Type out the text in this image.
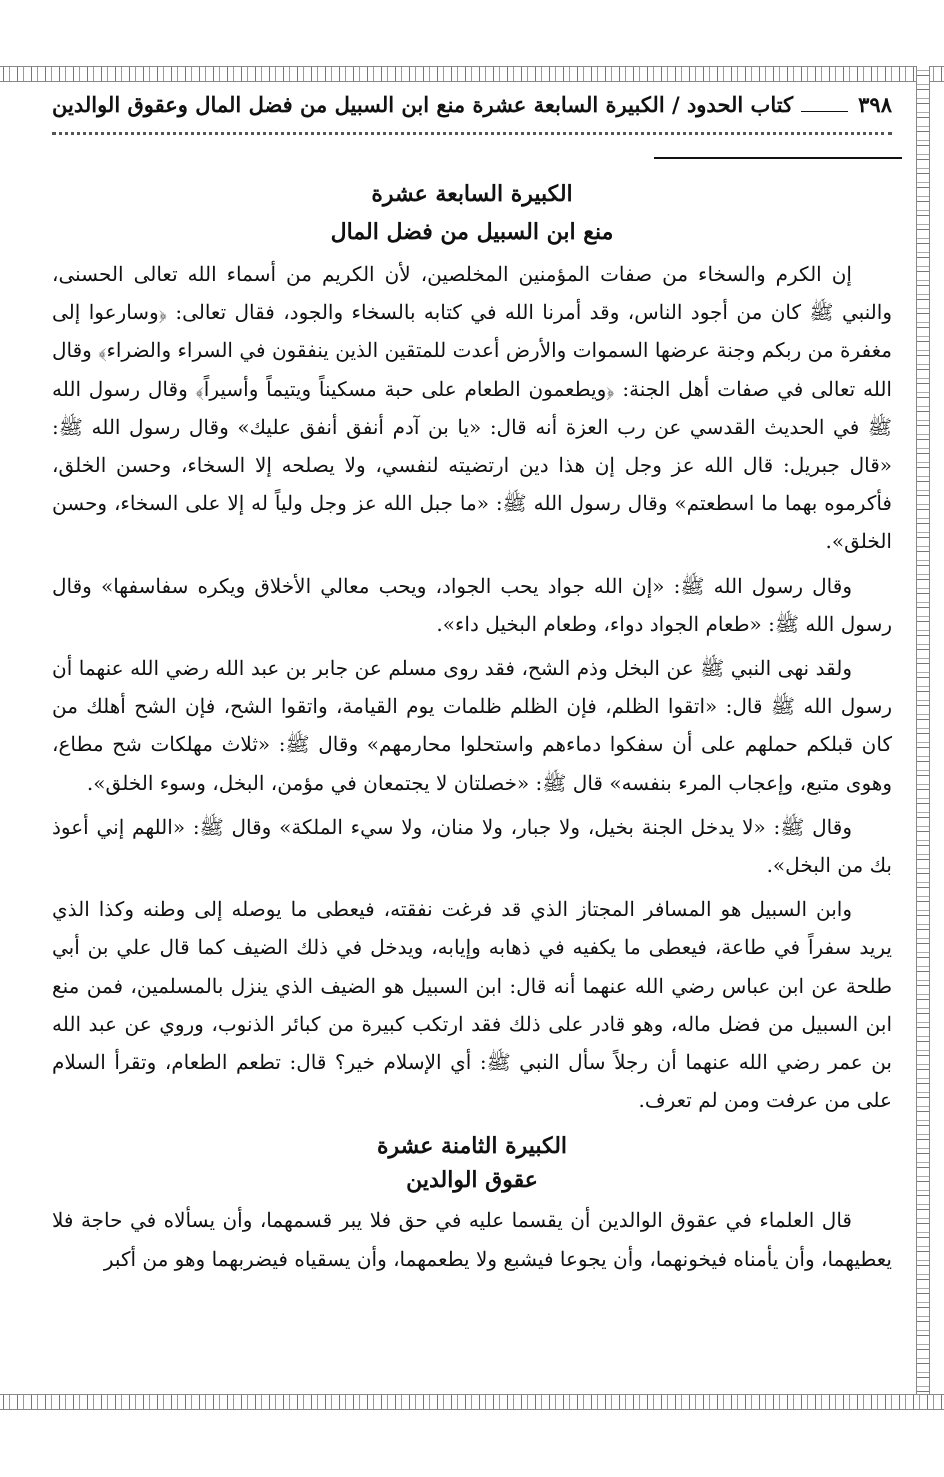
٣٩٨
كتاب الحدود / الكبيرة السابعة عشرة منع ابن السبيل من فضل المال وعقوق الوالدين
الكبيرة السابعة عشرة
منع ابن السبيل من فضل المال

إن الكرم والسخاء من صفات المؤمنين المخلصين، لأن الكريم من أسماء الله تعالى الحسنى، والنبي ﷺ كان من أجود الناس، وقد أمرنا الله في كتابه بالسخاء والجود، فقال تعالى: ﴿وسارعوا إلى مغفرة من ربكم وجنة عرضها السموات والأرض أعدت للمتقين الذين ينفقون في السراء والضراء﴾ وقال الله تعالى في صفات أهل الجنة: ﴿ويطعمون الطعام على حبة مسكيناً ويتيماً وأسيراً﴾ وقال رسول الله ﷺ في الحديث القدسي عن رب العزة أنه قال: «يا بن آدم أنفق أنفق عليك» وقال رسول الله ﷺ: «قال جبريل: قال الله عز وجل إن هذا دين ارتضيته لنفسي، ولا يصلحه إلا السخاء، وحسن الخلق، فأكرموه بهما ما اسطعتم» وقال رسول الله ﷺ: «ما جبل الله عز وجل ولياً له إلا على السخاء، وحسن الخلق».

وقال رسول الله ﷺ: «إن الله جواد يحب الجواد، ويحب معالي الأخلاق ويكره سفاسفها» وقال رسول الله ﷺ: «طعام الجواد دواء، وطعام البخيل داء».

ولقد نهى النبي ﷺ عن البخل وذم الشح، فقد روى مسلم عن جابر بن عبد الله رضي الله عنهما أن رسول الله ﷺ قال: «اتقوا الظلم، فإن الظلم ظلمات يوم القيامة، واتقوا الشح، فإن الشح أهلك من كان قبلكم حملهم على أن سفكوا دماءهم واستحلوا محارمهم» وقال ﷺ: «ثلاث مهلكات شح مطاع، وهوى متبع، وإعجاب المرء بنفسه» قال ﷺ: «خصلتان لا يجتمعان في مؤمن، البخل، وسوء الخلق».

وقال ﷺ: «لا يدخل الجنة بخيل، ولا جبار، ولا منان، ولا سيء الملكة» وقال ﷺ: «اللهم إني أعوذ بك من البخل».

وابن السبيل هو المسافر المجتاز الذي قد فرغت نفقته، فيعطى ما يوصله إلى وطنه وكذا الذي يريد سفراً في طاعة، فيعطى ما يكفيه في ذهابه وإيابه، ويدخل في ذلك الضيف كما قال علي بن أبي طلحة عن ابن عباس رضي الله عنهما أنه قال: ابن السبيل هو الضيف الذي ينزل بالمسلمين، فمن منع ابن السبيل من فضل ماله، وهو قادر على ذلك فقد ارتكب كبيرة من كبائر الذنوب، وروي عن عبد الله بن عمر رضي الله عنهما أن رجلاً سأل النبي ﷺ: أي الإسلام خير؟ قال: تطعم الطعام، وتقرأ السلام على من عرفت ومن لم تعرف.

الكبيرة الثامنة عشرة
عقوق الوالدين

قال العلماء في عقوق الوالدين أن يقسما عليه في حق فلا يبر قسمهما، وأن يسألاه في حاجة فلا يعطيهما، وأن يأمناه فيخونهما، وأن يجوعا فيشبع ولا يطعمهما، وأن يسقياه فيضربهما وهو من أكبر
